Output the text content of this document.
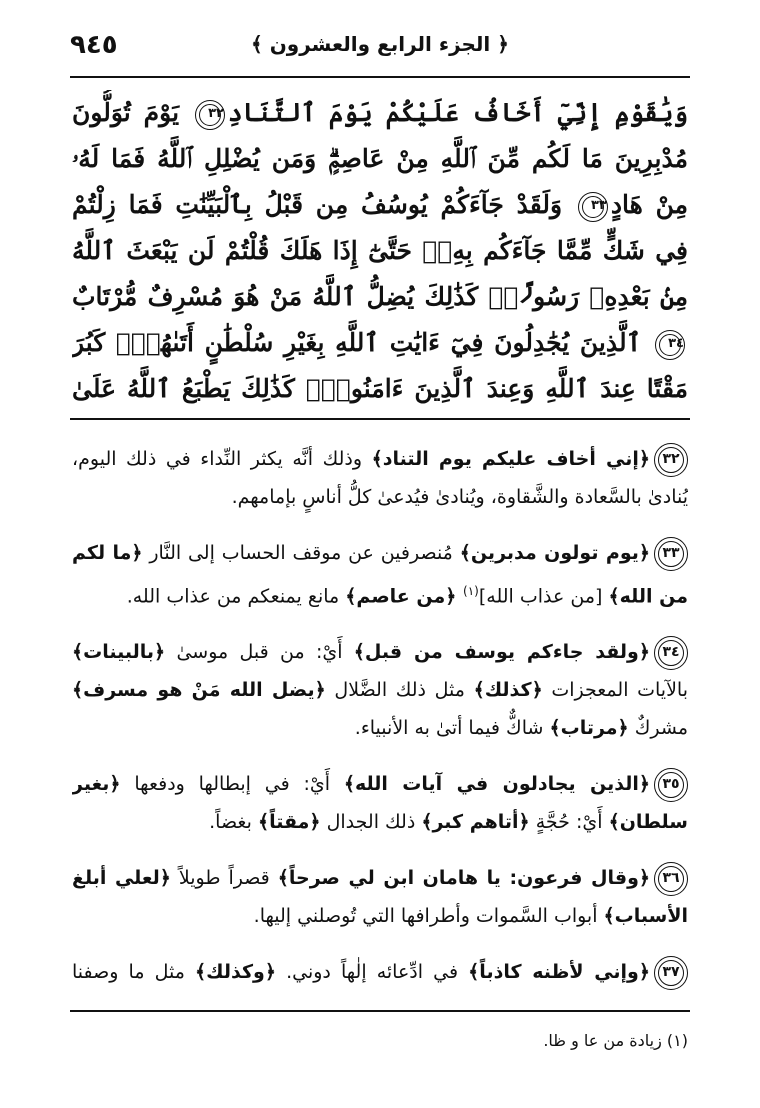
﴿ الجزء الرابع والعشرون ﴾
٩٤٥
وَيَٰقَوْمِ إِنِّيٓ أَخَافُ عَلَيْكُمْ يَوْمَ ٱلتَّنَادِ٣٢ يَوْمَ تُوَلُّونَ مُدْبِرِينَ مَا لَكُم مِّنَ ٱللَّهِ مِنْ عَاصِمٍۗ وَمَن يُضْلِلِ ٱللَّهُ فَمَا لَهُۥ مِنْ هَادٍ٣٣ وَلَقَدْ جَآءَكُمْ يُوسُفُ مِن قَبْلُ بِٱلْبَيِّنَٰتِ فَمَا زِلْتُمْ فِي شَكٍّ مِّمَّا جَآءَكُم بِهِۦۖ حَتَّىٰٓ إِذَا هَلَكَ قُلْتُمْ لَن يَبْعَثَ ٱللَّهُ مِنۢ بَعْدِهِۦ رَسُولًاۚ كَذَٰلِكَ يُضِلُّ ٱللَّهُ مَنْ هُوَ مُسْرِفٌ مُّرْتَابٌ٣٤ ٱلَّذِينَ يُجَٰدِلُونَ فِيٓ ءَايَٰتِ ٱللَّهِ بِغَيْرِ سُلْطَٰنٍ أَتَىٰهُمْۖ كَبُرَ مَقْتًا عِندَ ٱللَّهِ وَعِندَ ٱلَّذِينَ ءَامَنُواْۚ كَذَٰلِكَ يَطْبَعُ ٱللَّهُ عَلَىٰ
٣٢﴿إني أخاف عليكم يوم التناد﴾ وذلك أنَّه يكثر النِّداء في ذلك اليوم، يُنادىٰ بالسَّعادة والشَّقاوة، ويُنادىٰ فيُدعىٰ كلُّ أناسٍ بإمامهم.
٣٣﴿يوم تولون مدبرين﴾ مُنصرفين عن موقف الحساب إلى النَّار ﴿ما لكم من الله﴾ [من عذاب الله]$^{(١)}$ ﴿من عاصم﴾ مانع يمنعكم من عذاب الله.
٣٤﴿ولقد جاءكم يوسف من قبل﴾ أَيْ: من قبل موسىٰ ﴿بالبينات﴾ بالآيات المعجزات ﴿كذلك﴾ مثل ذلك الضَّلال ﴿يضل الله مَنْ هو مسرف﴾ مشركٌ ﴿مرتاب﴾ شاكٌّ فيما أتىٰ به الأنبياء.
٣٥﴿الذين يجادلون في آيات الله﴾ أَيْ: في إبطالها ودفعها ﴿بغير سلطان﴾ أَيْ: حُجَّةٍ ﴿أتاهم كبر﴾ ذلك الجدال ﴿مقتاً﴾ بغضاً.
٣٦﴿وقال فرعون: يا هامان ابن لي صرحاً﴾ قصراً طويلاً ﴿لعلي أبلغ الأسباب﴾ أبواب السَّموات وأطرافها التي تُوصلني إليها.
٣٧﴿وإني لأظنه كاذباً﴾ في ادِّعائه إلٰهاً دوني. ﴿وكذلك﴾ مثل ما وصفنا
(١) زيادة من عا و ظا.
